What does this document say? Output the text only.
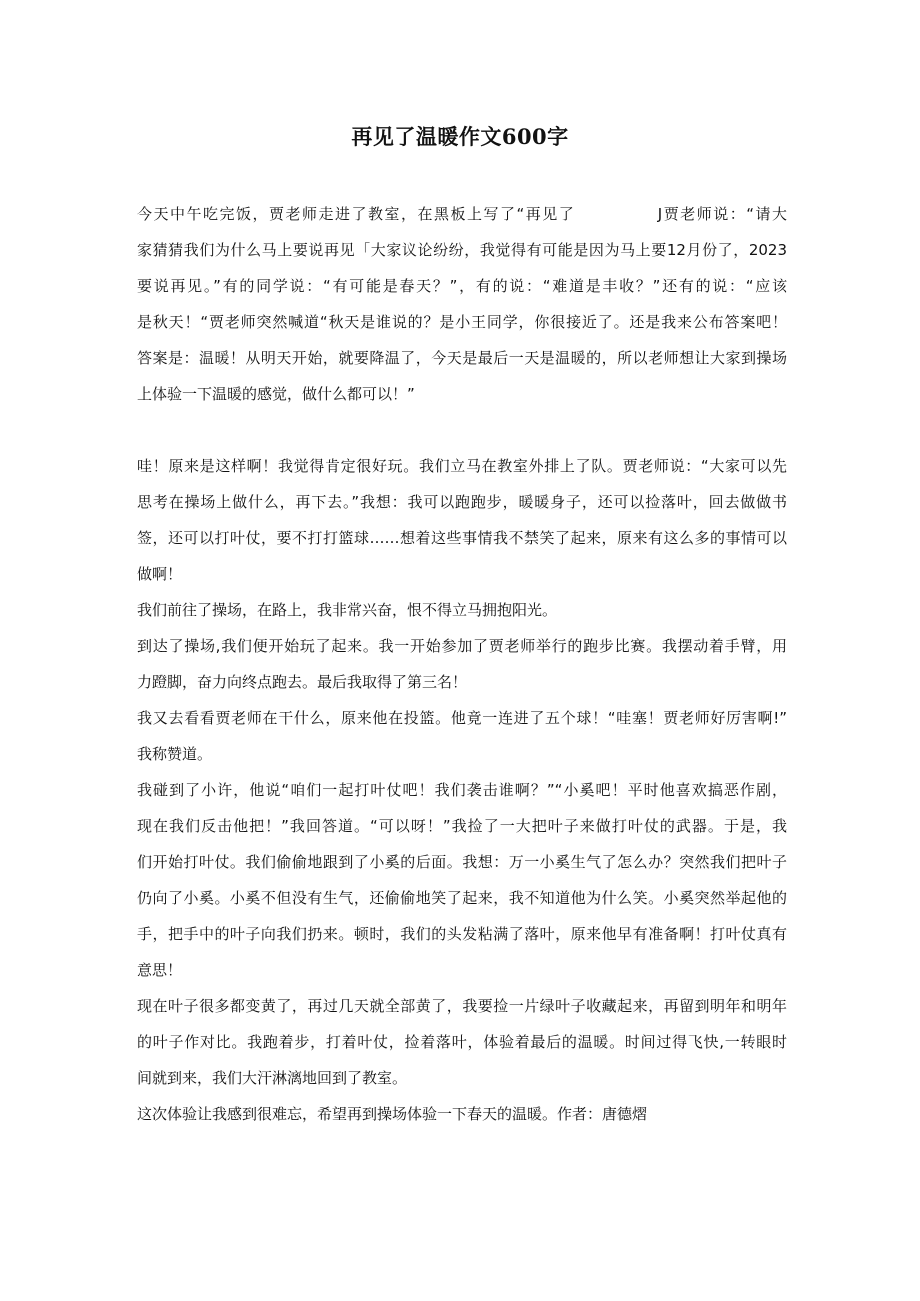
再见了温暖作文600字
今天中午吃完饭，贾老师走进了教室，在黑板上写了“再见了　　　　　J贾老师说：“请大
家猜猜我们为什么马上要说再见「大家议论纷纷，我觉得有可能是因为马上要12月份了，2023
要说再见。”有的同学说：“有可能是春天？”，有的说：“难道是丰收？”还有的说：“应该
是秋天！“贾老师突然喊道“秋天是谁说的？是小王同学，你很接近了。还是我来公布答案吧！
答案是：温暖！从明天开始，就要降温了，今天是最后一天是温暖的，所以老师想让大家到操场
上体验一下温暖的感觉，做什么都可以！”
哇！原来是这样啊！我觉得肯定很好玩。我们立马在教室外排上了队。贾老师说：“大家可以先
思考在操场上做什么，再下去。”我想：我可以跑跑步，暖暖身子，还可以捡落叶，回去做做书
签，还可以打叶仗，要不打打篮球……想着这些事情我不禁笑了起来，原来有这么多的事情可以
做啊！
我们前往了操场，在路上，我非常兴奋，恨不得立马拥抱阳光。
到达了操场,我们便开始玩了起来。我一开始参加了贾老师举行的跑步比赛。我摆动着手臂，用
力蹬脚，奋力向终点跑去。最后我取得了第三名！
我又去看看贾老师在干什么，原来他在投篮。他竟一连进了五个球！“哇塞！贾老师好厉害啊!”
我称赞道。
我碰到了小许，他说“咱们一起打叶仗吧！我们袭击谁啊？”“小奚吧！平时他喜欢搞恶作剧，
现在我们反击他把！”我回答道。“可以呀！”我捡了一大把叶子来做打叶仗的武器。于是，我
们开始打叶仗。我们偷偷地跟到了小奚的后面。我想：万一小奚生气了怎么办？突然我们把叶子
仍向了小奚。小奚不但没有生气，还偷偷地笑了起来，我不知道他为什么笑。小奚突然举起他的
手，把手中的叶子向我们扔来。顿时，我们的头发粘满了落叶，原来他早有准备啊！打叶仗真有
意思！
现在叶子很多都变黄了，再过几天就全部黄了，我要捡一片绿叶子收藏起来，再留到明年和明年
的叶子作对比。我跑着步，打着叶仗，捡着落叶，体验着最后的温暖。时间过得飞快,一转眼时
间就到来，我们大汗淋漓地回到了教室。
这次体验让我感到很难忘，希望再到操场体验一下春天的温暖。作者：唐德熠
